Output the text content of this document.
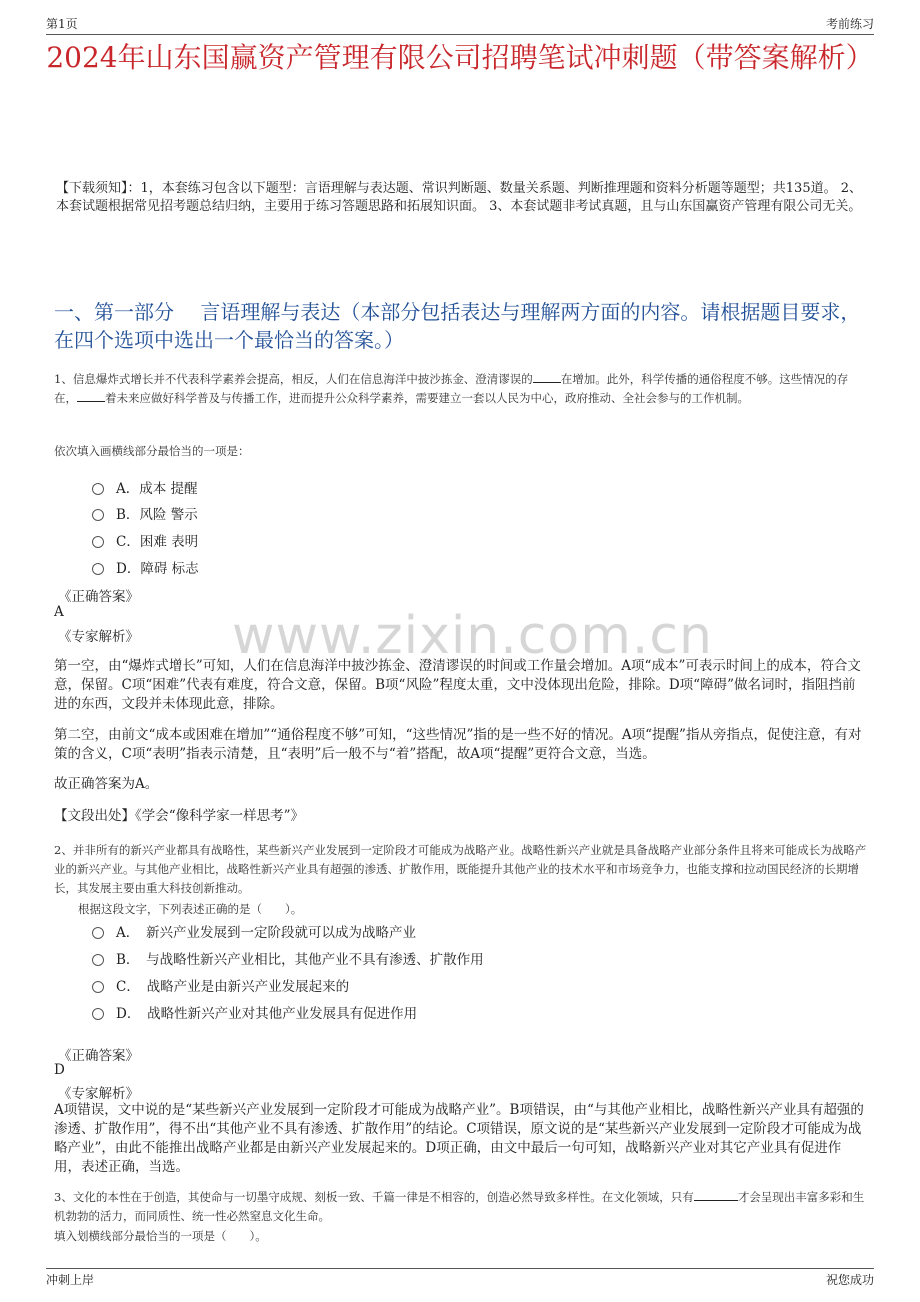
第1页	考前练习
2024年山东国赢资产管理有限公司招聘笔试冲刺题（带答案解析）
【下载须知】：1，本套练习包含以下题型：言语理解与表达题、常识判断题、数量关系题、判断推理题和资料分析题等题型；共135道。 2、本套试题根据常见招考题总结归纳，主要用于练习答题思路和拓展知识面。 3、本套试题非考试真题，且与山东国赢资产管理有限公司无关。
一、第一部分　 言语理解与表达（本部分包括表达与理解两方面的内容。请根据题目要求，在四个选项中选出一个最恰当的答案。）
www.zixin.com.cn
1、信息爆炸式增长并不代表科学素养会提高，相反，人们在信息海洋中披沙拣金、澄清谬误的 在增加。此外，科学传播的通俗程度不够。这些情况的存在， 着未来应做好科学普及与传播工作，进而提升公众科学素养，需要建立一套以人民为中心，政府推动、全社会参与的工作机制。
依次填入画横线部分最恰当的一项是：
A．成本 提醒
B．风险 警示
C．困难 表明
D．障碍 标志
《正确答案》
A
《专家解析》
第一空，由“爆炸式增长”可知，人们在信息海洋中披沙拣金、澄清谬误的时间或工作量会增加。A项“成本”可表示时间上的成本，符合文意，保留。C项“困难”代表有难度，符合文意，保留。B项“风险”程度太重，文中没体现出危险，排除。D项“障碍”做名词时，指阻挡前进的东西，文段并未体现此意，排除。
第二空，由前文“成本或困难在增加”“通俗程度不够”可知，“这些情况”指的是一些不好的情况。A项“提醒”指从旁指点，促使注意，有对策的含义，C项“表明”指表示清楚，且“表明”后一般不与“着”搭配，故A项“提醒”更符合文意，当选。
故正确答案为A。
【文段出处】《学会“像科学家一样思考”》
2、并非所有的新兴产业都具有战略性，某些新兴产业发展到一定阶段才可能成为战略产业。战略性新兴产业就是具备战略产业部分条件且将来可能成长为战略产业的新兴产业。与其他产业相比，战略性新兴产业具有超强的渗透、扩散作用，既能提升其他产业的技术水平和市场竞争力，也能支撑和拉动国民经济的长期增长，其发展主要由重大科技创新推动。
根据这段文字，下列表述正确的是（　　）。
A．　新兴产业发展到一定阶段就可以成为战略产业
B．　与战略性新兴产业相比，其他产业不具有渗透、扩散作用
C．　战略产业是由新兴产业发展起来的
D．　战略性新兴产业对其他产业发展具有促进作用
《正确答案》
D
《专家解析》
A项错误，文中说的是“某些新兴产业发展到一定阶段才可能成为战略产业”。B项错误，由“与其他产业相比，战略性新兴产业具有超强的渗透、扩散作用”，得不出“其他产业不具有渗透、扩散作用”的结论。C项错误，原文说的是“某些新兴产业发展到一定阶段才可能成为战略产业”，由此不能推出战略产业都是由新兴产业发展起来的。D项正确，由文中最后一句可知，战略新兴产业对其它产业具有促进作用，表述正确，当选。
3、文化的本性在于创造，其使命与一切墨守成规、刻板一致、千篇一律是不相容的，创造必然导致多样性。在文化领域，只有	才会呈现出丰富多彩和生机勃勃的活力，而同质性、统一性必然窒息文化生命。
填入划横线部分最恰当的一项是（　　）。
冲刺上岸	祝您成功
